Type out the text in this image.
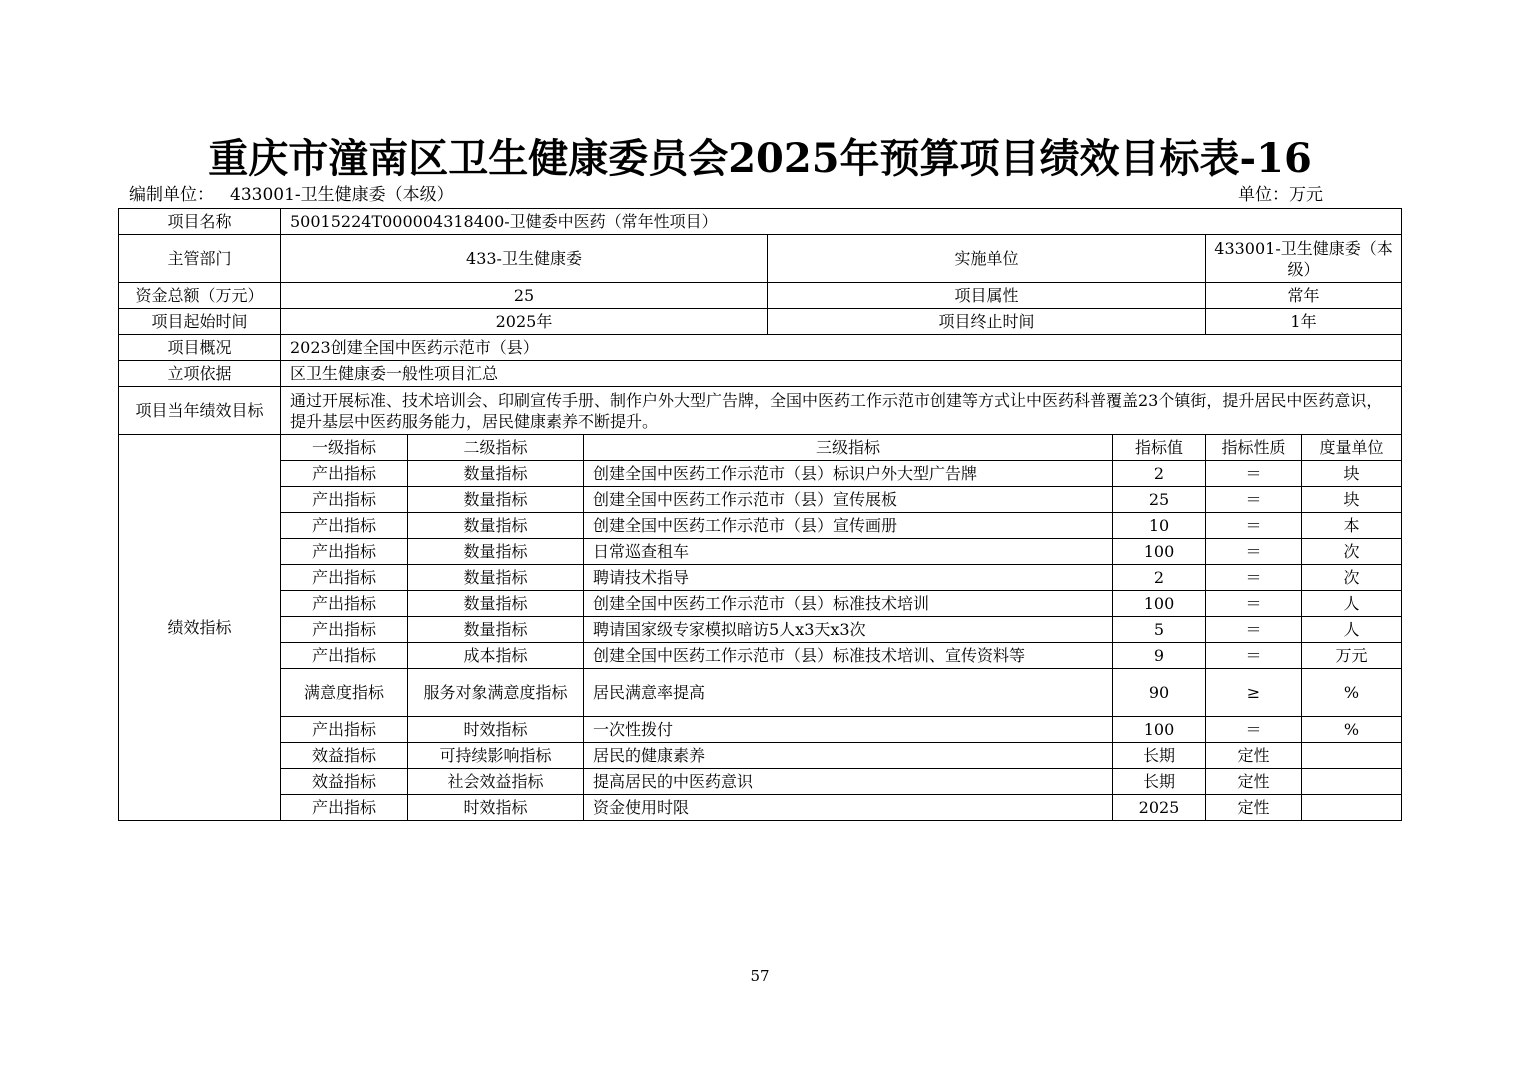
重庆市潼南区卫生健康委员会2025年预算项目绩效目标表-16
编制单位： 433001-卫生健康委（本级）	单位：万元
项目名称	50015224T000004318400-卫健委中医药（常年性项目）						
主管部门	433-卫生健康委			实施单位		433001-卫生健康委（本级）	
资金总额（万元）	25			项目属性		常年	
项目起始时间	2025年			项目终止时间		1年	
项目概况	2023创建全国中医药示范市（县）						
立项依据	区卫生健康委一般性项目汇总						
项目当年绩效目标	通过开展标准、技术培训会、印刷宣传手册、制作户外大型广告牌，全国中医药工作示范市创建等方式让中医药科普覆盖23个镇街，提升居民中医药意识，提升基层中医药服务能力，居民健康素养不断提升。						
绩效指标	一级指标	二级指标	三级指标		指标值	指标性质	度量单位
	产出指标	数量指标	创建全国中医药工作示范市（县）标识户外大型广告牌		2	＝	块
	产出指标	数量指标	创建全国中医药工作示范市（县）宣传展板		25	＝	块
	产出指标	数量指标	创建全国中医药工作示范市（县）宣传画册		10	＝	本
	产出指标	数量指标	日常巡查租车		100	＝	次
	产出指标	数量指标	聘请技术指导		2	＝	次
	产出指标	数量指标	创建全国中医药工作示范市（县）标准技术培训		100	＝	人
	产出指标	数量指标	聘请国家级专家模拟暗访5人x3天x3次		5	＝	人
	产出指标	成本指标	创建全国中医药工作示范市（县）标准技术培训、宣传资料等		9	＝	万元
	满意度指标	服务对象满意度指标	居民满意率提高		90	≥	%
	产出指标	时效指标	一次性拨付		100	＝	%
	效益指标	可持续影响指标	居民的健康素养		长期	定性	
	效益指标	社会效益指标	提高居民的中医药意识		长期	定性	
	产出指标	时效指标	资金使用时限		2025	定性	
57
